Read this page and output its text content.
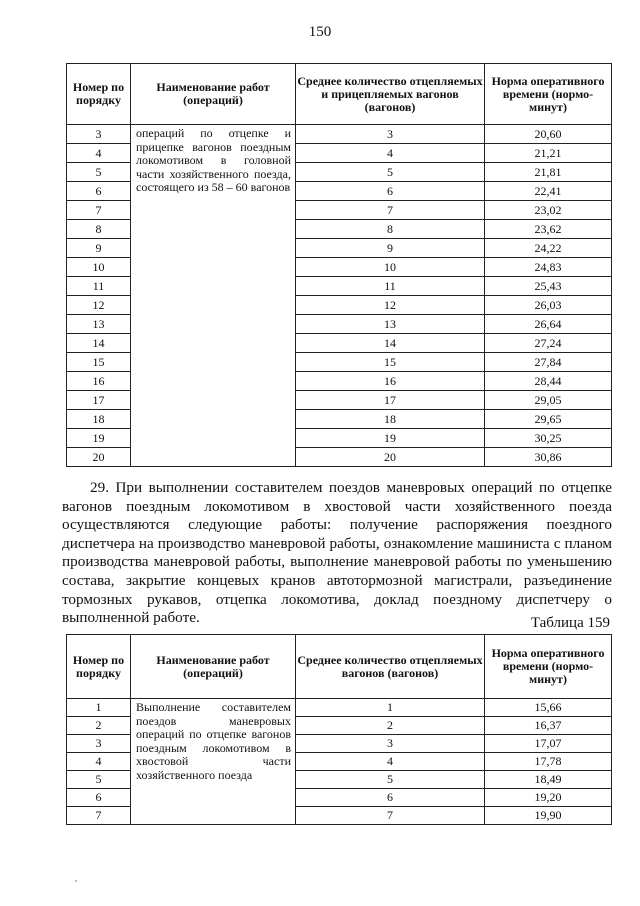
150
Номер по порядку	Наименование работ (операций)	Среднее количество отцепляемых и прицепляемых вагонов (вагонов)	Норма оперативного времени (нормо-минут)
3	операций по отцепке и прицепке вагонов поездным локомотивом в головной части хозяйственного поезда, состоящего из 58 – 60 вагонов	3	20,60
4		4	21,21
5		5	21,81
6		6	22,41
7		7	23,02
8		8	23,62
9		9	24,22
10		10	24,83
11		11	25,43
12		12	26,03
13		13	26,64
14		14	27,24
15		15	27,84
16		16	28,44
17		17	29,05
18		18	29,65
19		19	30,25
20		20	30,86

29. При выполнении составителем поездов маневровых операций по отцепке вагонов поездным локомотивом в хвостовой части хозяйственного поезда осуществляются следующие работы: получение распоряжения поездного диспетчера на производство маневровой работы, ознакомление машиниста с планом производства маневровой работы, выполнение маневровой работы по уменьшению состава, закрытие концевых кранов автотормозной магистрали, разъединение тормозных рукавов, отцепка локомотива, доклад поездному диспетчеру о выполненной работе.	Таблица 159
Номер по порядку	Наименование работ (операций)	Среднее количество отцепляемых вагонов (вагонов)	Норма оперативного времени (нормо-минут)
1	Выполнение составителем поездов маневровых операций по отцепке вагонов поездным локомотивом в хвостовой части хозяйственного поезда	1	15,66
2		2	16,37
3		3	17,07
4		4	17,78
5		5	18,49
6		6	19,20
7		7	19,90
